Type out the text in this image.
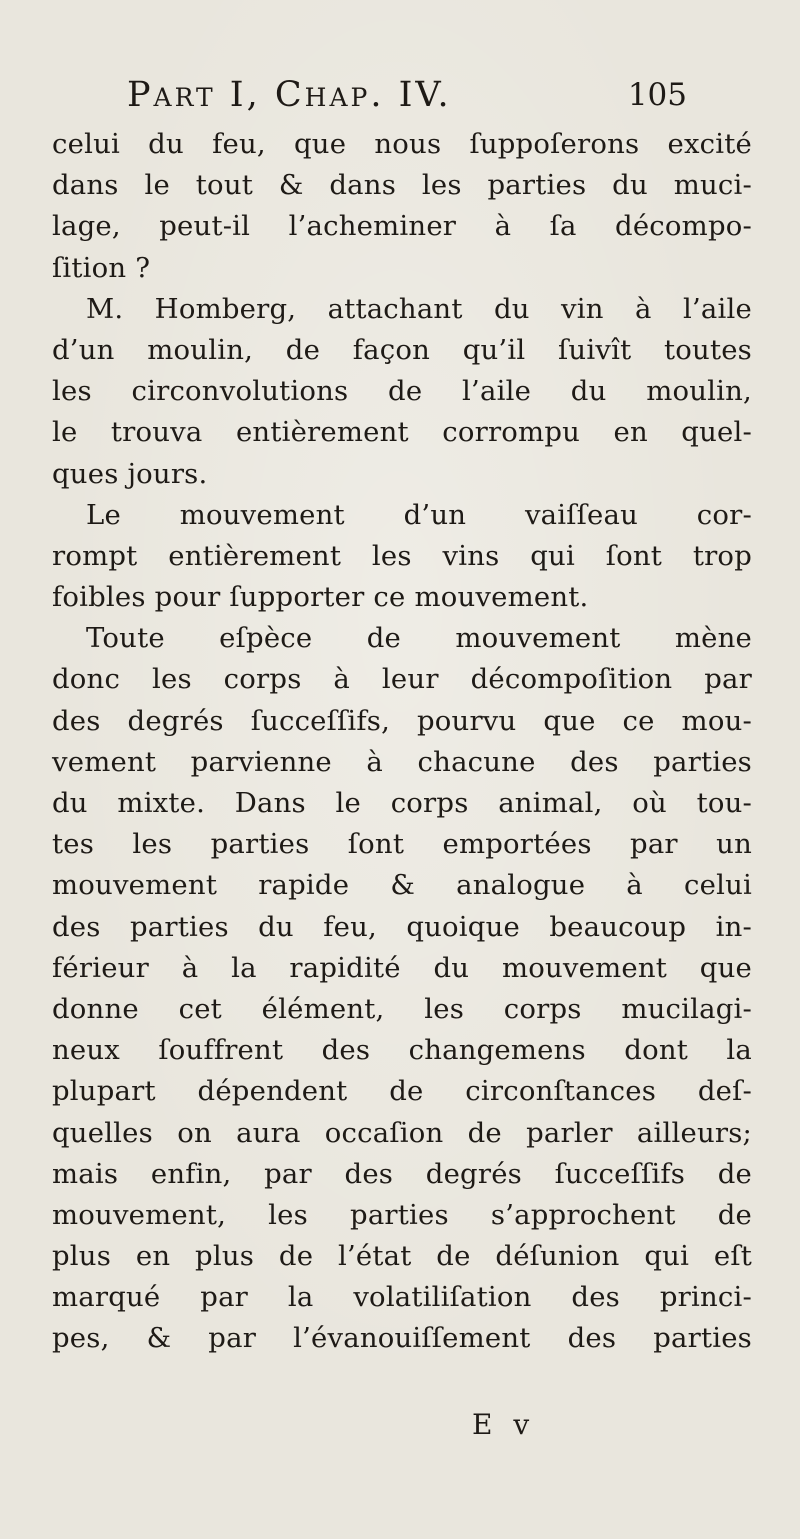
Part I, Chap. IV.	105
celui du feu, que nous ſuppoſerons excité
dans le tout & dans les parties du muci-
lage, peut-il l’acheminer à ſa décompo-
ſition ?
M. Homberg, attachant du vin à l’aile
d’un moulin, de façon qu’il ſuivît toutes
les circonvolutions de l’aile du moulin,
le trouva entièrement corrompu en quel-
ques jours.
Le mouvement d’un vaiſſeau cor-
rompt entièrement les vins qui ſont trop
foibles pour ſupporter ce mouvement.
Toute eſpèce de mouvement mène
donc les corps à leur décompoſition par
des degrés ſucceſſifs, pourvu que ce mou-
vement parvienne à chacune des parties
du mixte. Dans le corps animal, où tou-
tes les parties ſont emportées par un
mouvement rapide & analogue à celui
des parties du feu, quoique beaucoup in-
férieur à la rapidité du mouvement que
donne cet élément, les corps mucilagi-
neux ſouffrent des changemens dont la
plupart dépendent de circonſtances deſ-
quelles on aura occaſion de parler ailleurs;
mais enfin, par des degrés ſucceſſifs de
mouvement, les parties s’approchent de
plus en plus de l’état de déſunion qui eſt
marqué par la volatiliſation des princi-
pes, & par l’évanouiſſement des parties
E v
